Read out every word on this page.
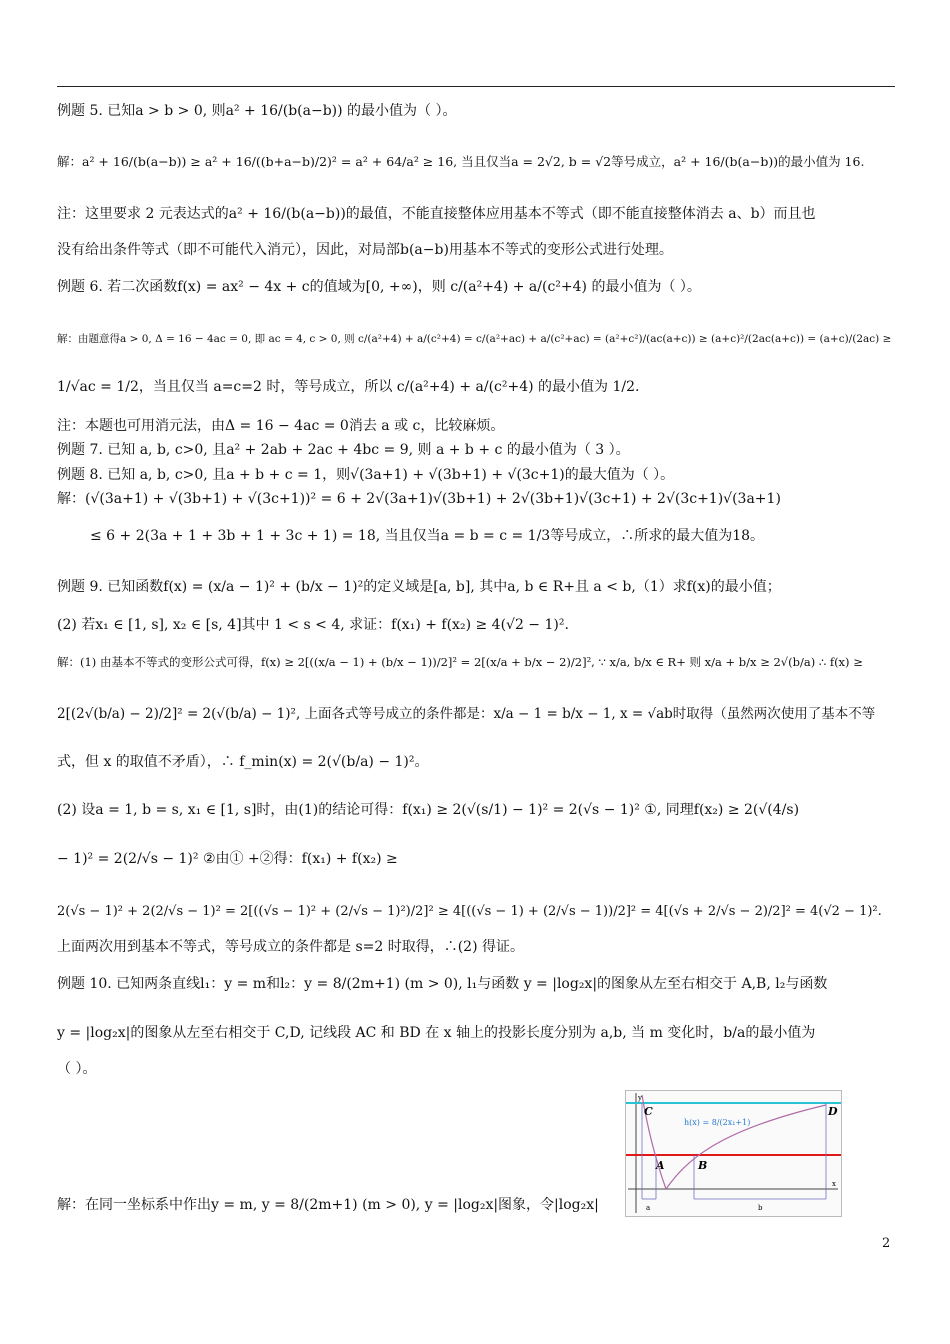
例题 5. 已知a > b > 0, 则a² + 16/(b(a−b)) 的最小值为（ ）。
解：a² + 16/(b(a−b)) ≥ a² + 16/((b+a−b)/2)² = a² + 64/a² ≥ 16, 当且仅当a = 2√2, b = √2等号成立，a² + 16/(b(a−b))的最小值为 16.
注：这里要求 2 元表达式的a² + 16/(b(a−b))的最值，不能直接整体应用基本不等式（即不能直接整体消去 a、b）而且也
没有给出条件等式（即不可能代入消元），因此，对局部b(a−b)用基本不等式的变形公式进行处理。
例题 6. 若二次函数f(x) = ax² − 4x + c的值域为[0, +∞)，则 c/(a²+4) + a/(c²+4) 的最小值为（ ）。
解：由题意得a > 0, Δ = 16 − 4ac = 0, 即 ac = 4, c > 0, 则 c/(a²+4) + a/(c²+4) = c/(a²+ac) + a/(c²+ac) = (a²+c²)/(ac(a+c)) ≥ (a+c)²/(2ac(a+c)) = (a+c)/(2ac) ≥
1/√ac = 1/2，当且仅当 a=c=2 时，等号成立，所以 c/(a²+4) + a/(c²+4) 的最小值为 1/2.
注：本题也可用消元法，由Δ = 16 − 4ac = 0消去 a 或 c，比较麻烦。
例题 7. 已知 a, b, c>0, 且a² + 2ab + 2ac + 4bc = 9, 则 a + b + c 的最小值为（ 3 ）。
例题 8. 已知 a, b, c>0, 且a + b + c = 1，则√(3a+1) + √(3b+1) + √(3c+1)的最大值为（ ）。
解：(√(3a+1) + √(3b+1) + √(3c+1))² = 6 + 2√(3a+1)√(3b+1) + 2√(3b+1)√(3c+1) + 2√(3c+1)√(3a+1)
≤ 6 + 2(3a + 1 + 3b + 1 + 3c + 1) = 18, 当且仅当a = b = c = 1/3等号成立，∴所求的最大值为18。
例题 9. 已知函数f(x) = (x/a − 1)² + (b/x − 1)²的定义域是[a, b], 其中a, b ∈ R+且 a < b,（1）求f(x)的最小值；
(2) 若x₁ ∈ [1, s], x₂ ∈ [s, 4]其中 1 < s < 4, 求证：f(x₁) + f(x₂) ≥ 4(√2 − 1)².
解：(1) 由基本不等式的变形公式可得，f(x) ≥ 2[((x/a − 1) + (b/x − 1))/2]² = 2[(x/a + b/x − 2)/2]², ∵ x/a, b/x ∈ R+ 则 x/a + b/x ≥ 2√(b/a) ∴ f(x) ≥
2[(2√(b/a) − 2)/2]² = 2(√(b/a) − 1)², 上面各式等号成立的条件都是：x/a − 1 = b/x − 1, x = √ab时取得（虽然两次使用了基本不等
式，但 x 的取值不矛盾），∴ f_min(x) = 2(√(b/a) − 1)²。
(2) 设a = 1, b = s, x₁ ∈ [1, s]时，由(1)的结论可得：f(x₁) ≥ 2(√(s/1) − 1)² = 2(√s − 1)² ①, 同理f(x₂) ≥ 2(√(4/s)
− 1)² = 2(2/√s − 1)² ②由① +②得：f(x₁) + f(x₂) ≥
2(√s − 1)² + 2(2/√s − 1)² = 2[((√s − 1)² + (2/√s − 1)²)/2]² ≥ 4[((√s − 1) + (2/√s − 1))/2]² = 4[(√s + 2/√s − 2)/2]² = 4(√2 − 1)².
上面两次用到基本不等式，等号成立的条件都是 s=2 时取得，∴(2) 得证。
例题 10. 已知两条直线l₁：y = m和l₂：y = 8/(2m+1) (m > 0), l₁与函数 y = |log₂x|的图象从左至右相交于 A,B, l₂与函数
y = |log₂x|的图象从左至右相交于 C,D, 记线段 AC 和 BD 在 x 轴上的投影长度分别为 a,b, 当 m 变化时，b/a的最小值为
（ ）。
解：在同一坐标系中作出y = m, y = 8/(2m+1) (m > 0), y = |log₂x|图象，令|log₂x|
C	D
A	B
a	b
y
x
h(x) = 8/(2x₁+1)
2
